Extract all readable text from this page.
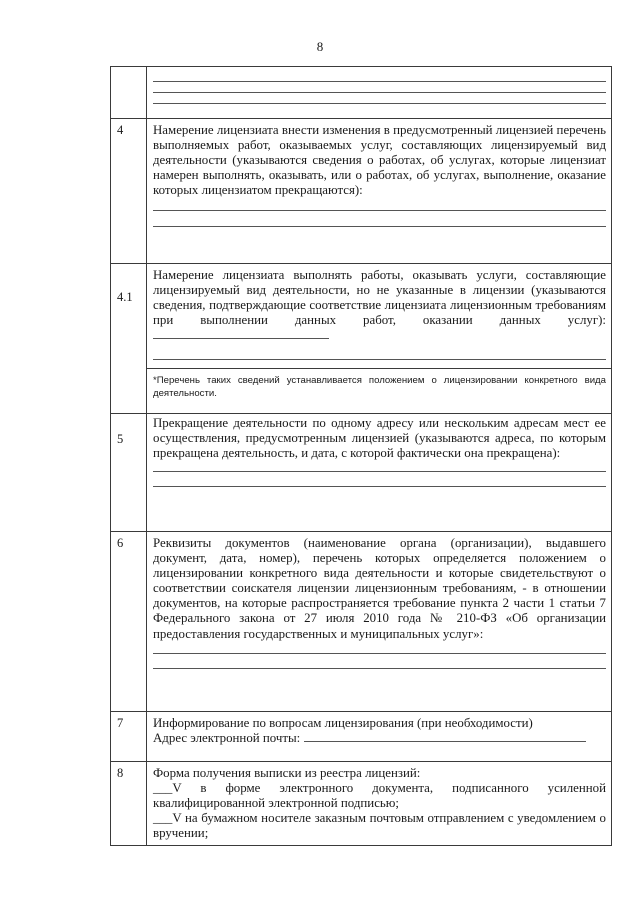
8

4	Намерение лицензиата внести изменения в предусмотренный лицензией перечень выполняемых работ, оказываемых услуг, составляющих лицензируемый вид деятельности (указываются сведения о работах, об услугах, которые лицензиат намерен выполнять, оказывать, или о работах, об услугах, выполнение, оказание которых лицензиатом прекращаются):

4.1	Намерение лицензиата выполнять работы, оказывать услуги, составляющие лицензируемый вид деятельности, но не указанные в лицензии (указываются сведения, подтверждающие соответствие лицензиата лицензионным требованиям при выполнении данных работ, оказании данных услуг):

*Перечень таких сведений устанавливается положением о лицензировании конкретного вида деятельности.

5	Прекращение деятельности по одному адресу или нескольким адресам мест ее осуществления, предусмотренным лицензией (указываются адреса, по которым прекращена деятельность, и дата, с которой фактически она прекращена):

6	Реквизиты документов (наименование органа (организации), выдавшего документ, дата, номер), перечень которых определяется положением о лицензировании конкретного вида деятельности и которые свидетельствуют о соответствии соискателя лицензии лицензионным требованиям, - в отношении документов, на которые распространяется требование пункта 2 части 1 статьи 7 Федерального закона от 27 июля 2010 года № 210-ФЗ «Об организации предоставления государственных и муниципальных услуг»:

7	Информирование по вопросам лицензирования (при необходимости)

Адрес электронной почты:

8	Форма получения выписки из реестра лицензий:

___V в форме электронного документа, подписанного усиленной квалифицированной электронной подписью;

___V на бумажном носителе заказным почтовым отправлением с уведомлением о вручении;
